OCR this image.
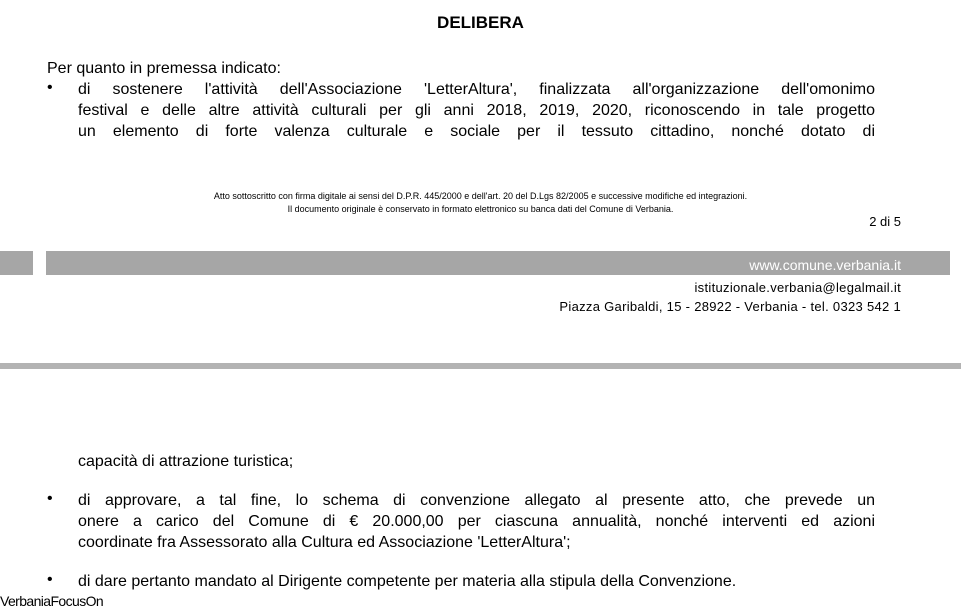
DELIBERA
Per quanto in premessa indicato:
• di sostenere l'attività dell'Associazione 'LetterAltura', finalizzata all'organizzazione dell'omonimo
festival e delle altre attività culturali per gli anni 2018, 2019, 2020, riconoscendo in tale progetto
un elemento di forte valenza culturale e sociale per il tessuto cittadino, nonché dotato di
Atto sottoscritto con firma digitale ai sensi del D.P.R. 445/2000 e dell'art. 20 del D.Lgs 82/2005 e successive modifiche ed integrazioni.
Il documento originale è conservato in formato elettronico su banca dati del Comune di Verbania.
2 di 5
www.comune.verbania.it
istituzionale.verbania@legalmail.it
Piazza Garibaldi, 15 - 28922 - Verbania - tel. 0323 542 1
capacità di attrazione turistica;
• di approvare, a tal fine, lo schema di convenzione allegato al presente atto, che prevede un
onere a carico del Comune di € 20.000,00 per ciascuna annualità, nonché interventi ed azioni
coordinate fra Assessorato alla Cultura ed Associazione 'LetterAltura';
• di dare pertanto mandato al Dirigente competente per materia alla stipula della Convenzione.
VerbaniaFocusOn
